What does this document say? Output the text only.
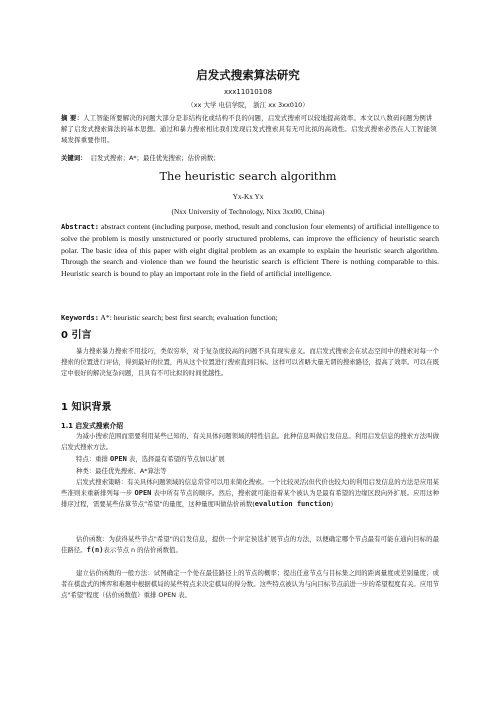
启发式搜索算法研究
xxx11010108
（xx 大学 电信学院， 浙江 xx 3xx010）
摘 要：人工智能所要解决的问题大部分是非结构化或结构不良的问题，启发式搜索可以较地提高效率。本文以八数码问题为例讲解了启发式搜索算法的基本思想。通过和暴力搜索相比我们发现启发式搜索具有无可比拟的高效性。启发式搜索必然在人工智能领域发挥重要作用。
关键词： 启发式搜索；A*；最佳优先搜索；估价函数；
The heuristic search algorithm
Yx-Kx Yx
(Nxx University of Technology, Nixx 3xx00, China)
Abstract: abstract content (including purpose, method, result and conclusion four elements) of artificial intelligence to solve the problem is mostly unstructured or poorly structured problems, can improve the efficiency of heuristic search polar. The basic idea of this paper with eight digital problem as an example to explain the heuristic search algorithm. Through the search and violence than we found the heuristic search is efficient There is nothing comparable to this. Heuristic search is bound to play an important role in the field of artificial intelligence.
Keywords: A*: heuristic search; best first search; evaluation function;
0 引言
暴力搜索暴力搜索不用技巧，类似穷举，对于复杂度较高的问题不具有现实意义。而启发式搜索会在状态空间中的搜索对每一个搜索的位置进行评估，得到最好的位置，再从这个位置进行搜索直到目标。这样可以省略大量无谓的搜索路径，提高了效率。可以在既定中很好的解决复杂问题，且具有不可比拟的时间优越性。
1 知识背景
1.1 启发式搜索介绍
为减小搜索范围而需要利用某些已知的、有关具体问题领域的特性信息。此种信息叫做启发信息。利用启发信息的搜索方法叫做启发式搜索方法。
特点：重排 OPEN 表，选择最有希望的节点加以扩展
种类：最佳优先搜索、A*算法等
启发式搜索策略：有关具体问题领域的信息常常可以用来简化搜索。一个比较灵活(但代价也较大)的利用启发信息的方法是应用某些准则来重新排列每一步 OPEN 表中所有节点的顺序。然后，搜索就可能沿着某个被认为是最有希望的边缘区段向外扩展。应用这种排序过程，需要某些估算节点"希望"的量度，这种量度叫做估价函数(evalution function)
估价函数：为获得某些节点"希望"的启发信息，提供一个评定侯选扩展节点的方法，以便确定哪个节点最有可能在通向目标的最佳路径。f(n)表示节点 n 的估价函数值。
建立估价函数的一般方法：试图确定一个处在最佳路径上的节点的概率；提出任意节点与目标集之间的距离量度或差别量度；或者在棋盘式的博弈和难题中根据棋局的某些特点来决定棋局的得分数。这些特点被认为与向目标节点前进一步的希望程度有关。应用节点"希望"程度（估价函数值）重排 OPEN 表。
